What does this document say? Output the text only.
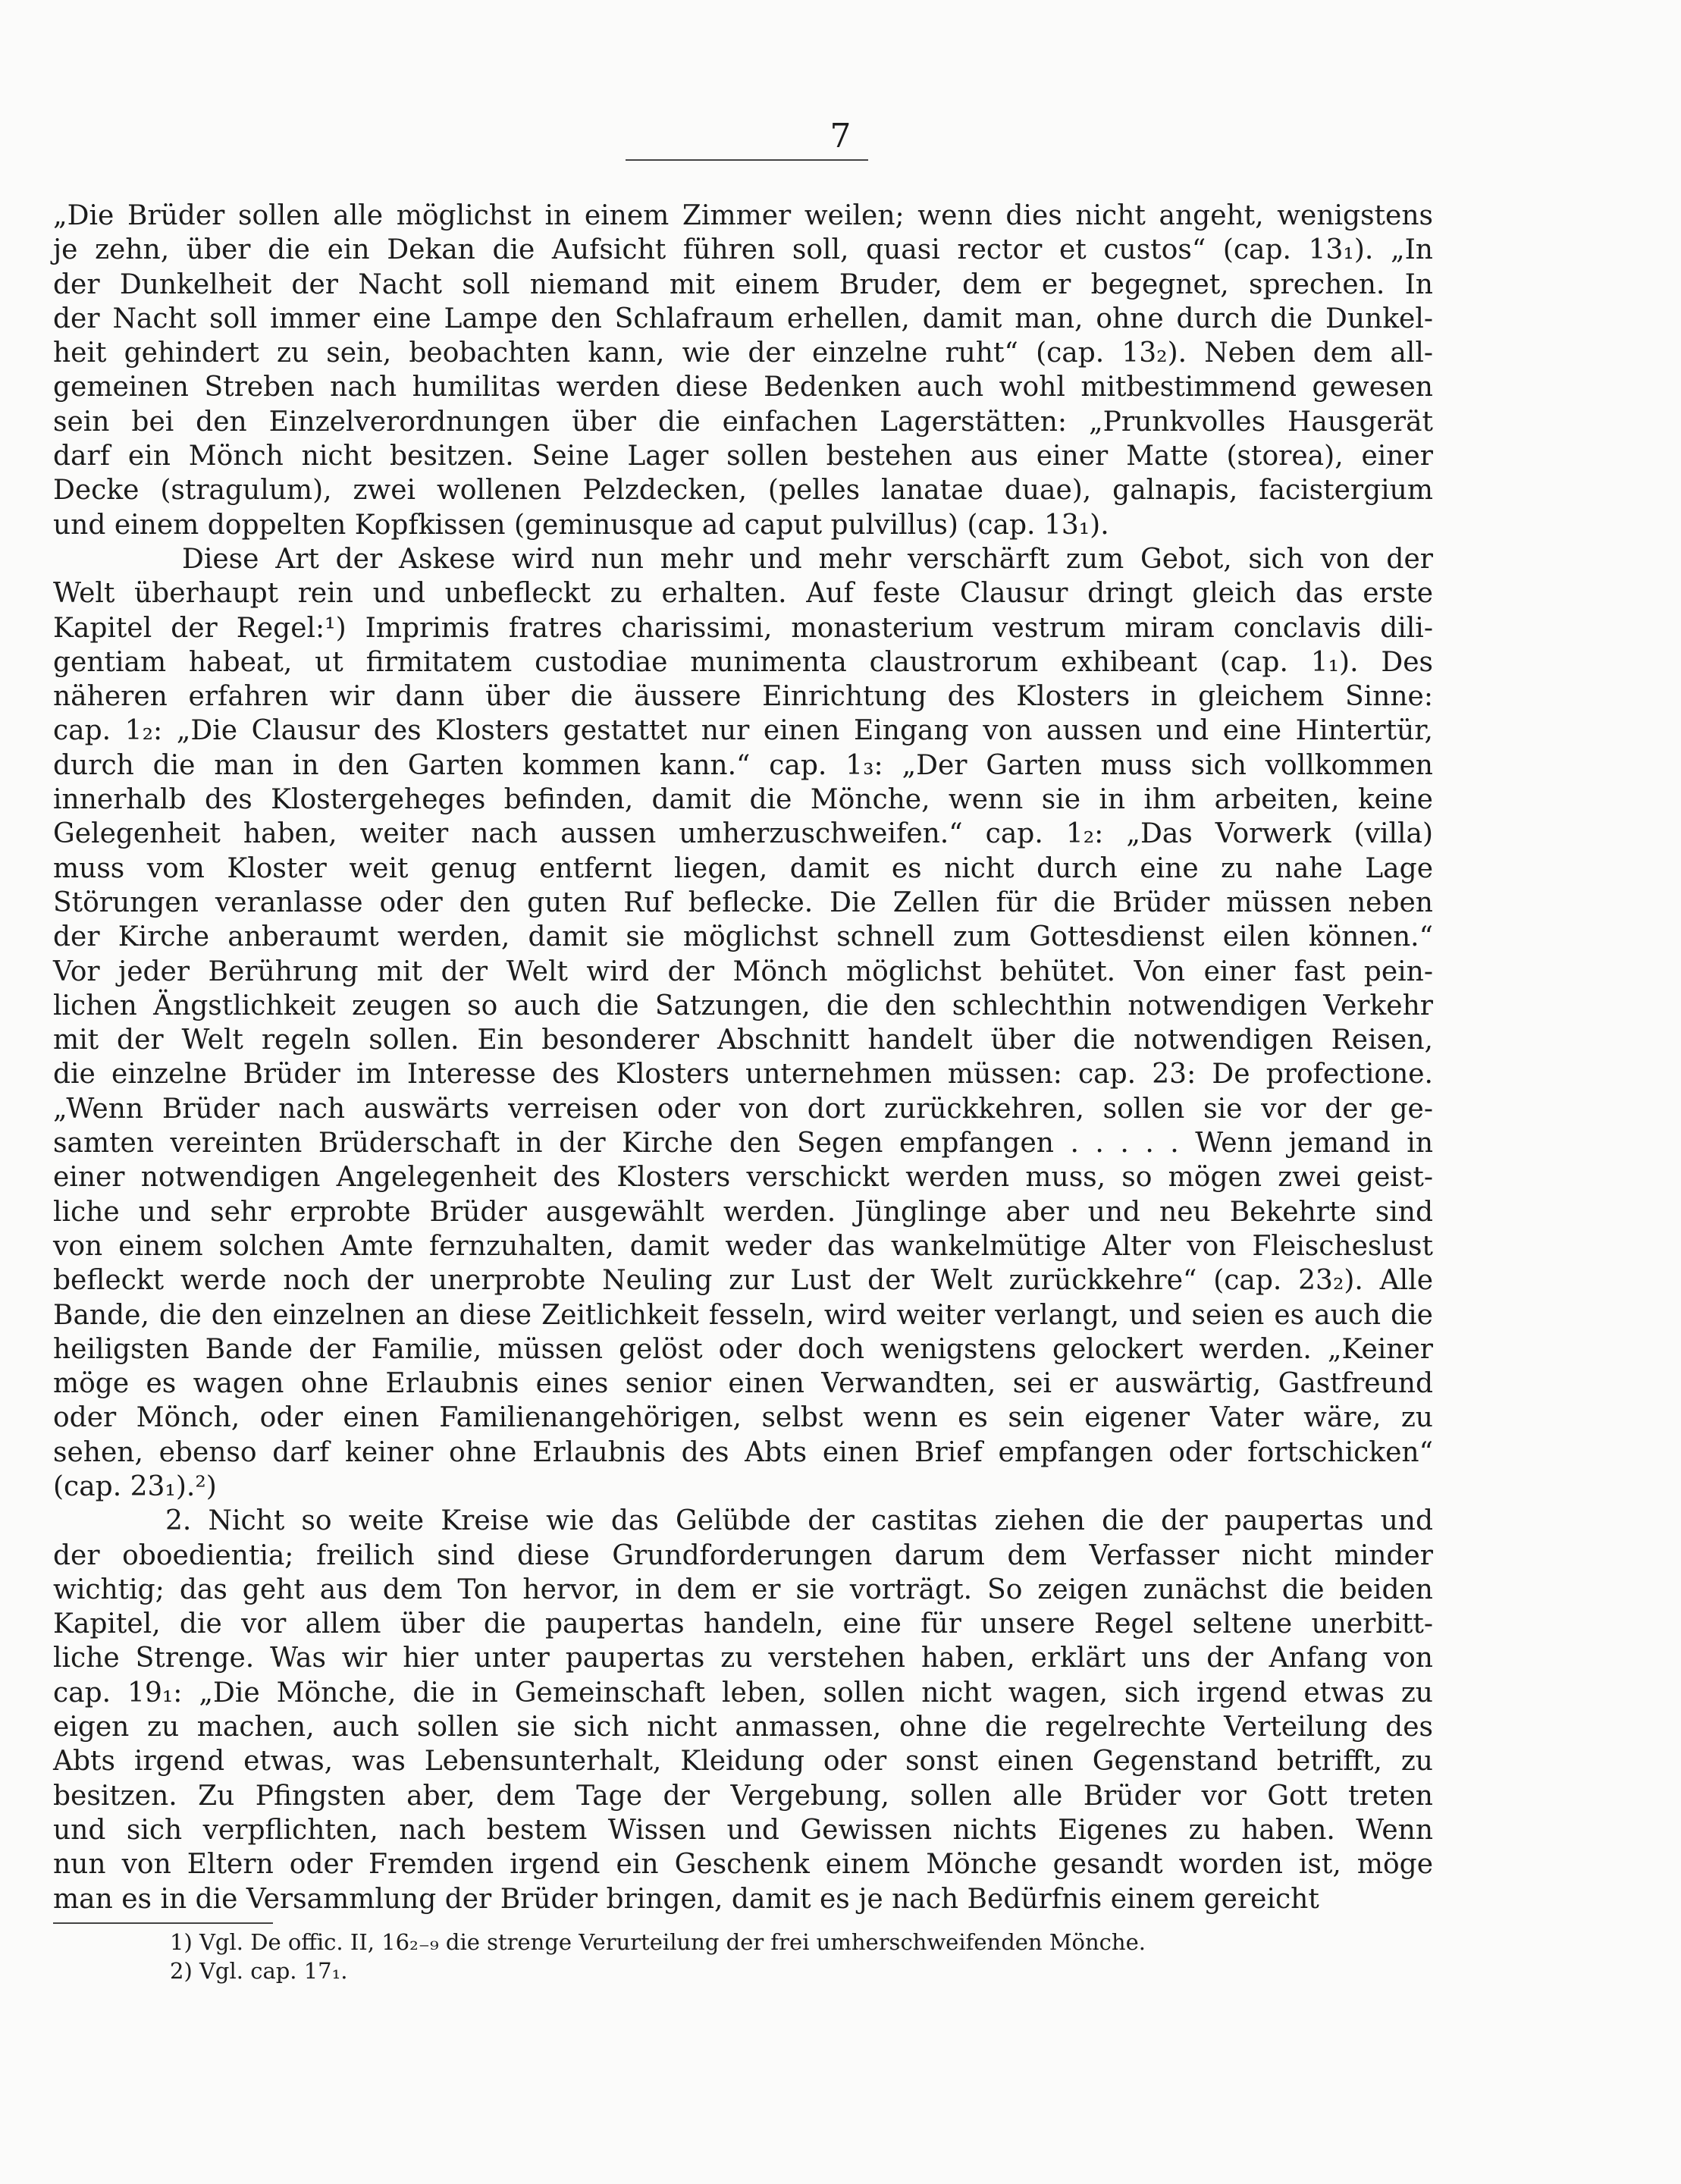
7
„Die Brüder sollen alle möglichst in einem Zimmer weilen; wenn dies nicht angeht, wenigstens
je zehn, über die ein Dekan die Aufsicht führen soll, quasi rector et custos“ (cap. 13₁). „In
der Dunkelheit der Nacht soll niemand mit einem Bruder, dem er begegnet, sprechen. In
der Nacht soll immer eine Lampe den Schlafraum erhellen, damit man, ohne durch die Dunkel-
heit gehindert zu sein, beobachten kann, wie der einzelne ruht“ (cap. 13₂). Neben dem all-
gemeinen Streben nach humilitas werden diese Bedenken auch wohl mitbestimmend gewesen
sein bei den Einzelverordnungen über die einfachen Lagerstätten: „Prunkvolles Hausgerät
darf ein Mönch nicht besitzen. Seine Lager sollen bestehen aus einer Matte (storea), einer
Decke (stragulum), zwei wollenen Pelzdecken, (pelles lanatae duae), galnapis, facistergium
und einem doppelten Kopfkissen (geminusque ad caput pulvillus) (cap. 13₁).
Diese Art der Askese wird nun mehr und mehr verschärft zum Gebot, sich von der
Welt überhaupt rein und unbefleckt zu erhalten. Auf feste Clausur dringt gleich das erste
Kapitel der Regel:¹) Imprimis fratres charissimi, monasterium vestrum miram conclavis dili-
gentiam habeat, ut firmitatem custodiae munimenta claustrorum exhibeant (cap. 1₁). Des
näheren erfahren wir dann über die äussere Einrichtung des Klosters in gleichem Sinne:
cap. 1₂: „Die Clausur des Klosters gestattet nur einen Eingang von aussen und eine Hintertür,
durch die man in den Garten kommen kann.“ cap. 1₃: „Der Garten muss sich vollkommen
innerhalb des Klostergeheges befinden, damit die Mönche, wenn sie in ihm arbeiten, keine
Gelegenheit haben, weiter nach aussen umherzuschweifen.“ cap. 1₂: „Das Vorwerk (villa)
muss vom Kloster weit genug entfernt liegen, damit es nicht durch eine zu nahe Lage
Störungen veranlasse oder den guten Ruf beflecke. Die Zellen für die Brüder müssen neben
der Kirche anberaumt werden, damit sie möglichst schnell zum Gottesdienst eilen können.“
Vor jeder Berührung mit der Welt wird der Mönch möglichst behütet. Von einer fast pein-
lichen Ängstlichkeit zeugen so auch die Satzungen, die den schlechthin notwendigen Verkehr
mit der Welt regeln sollen. Ein besonderer Abschnitt handelt über die notwendigen Reisen,
die einzelne Brüder im Interesse des Klosters unternehmen müssen: cap. 23: De profectione.
„Wenn Brüder nach auswärts verreisen oder von dort zurückkehren, sollen sie vor der ge-
samten vereinten Brüderschaft in der Kirche den Segen empfangen . . . . . Wenn jemand in
einer notwendigen Angelegenheit des Klosters verschickt werden muss, so mögen zwei geist-
liche und sehr erprobte Brüder ausgewählt werden. Jünglinge aber und neu Bekehrte sind
von einem solchen Amte fernzuhalten, damit weder das wankelmütige Alter von Fleischeslust
befleckt werde noch der unerprobte Neuling zur Lust der Welt zurückkehre“ (cap. 23₂). Alle
Bande, die den einzelnen an diese Zeitlichkeit fesseln, wird weiter verlangt, und seien es auch die
heiligsten Bande der Familie, müssen gelöst oder doch wenigstens gelockert werden. „Keiner
möge es wagen ohne Erlaubnis eines senior einen Verwandten, sei er auswärtig, Gastfreund
oder Mönch, oder einen Familienangehörigen, selbst wenn es sein eigener Vater wäre, zu
sehen, ebenso darf keiner ohne Erlaubnis des Abts einen Brief empfangen oder fortschicken“
(cap. 23₁).²)
2. Nicht so weite Kreise wie das Gelübde der castitas ziehen die der paupertas und
der oboedientia; freilich sind diese Grundforderungen darum dem Verfasser nicht minder
wichtig; das geht aus dem Ton hervor, in dem er sie vorträgt. So zeigen zunächst die beiden
Kapitel, die vor allem über die paupertas handeln, eine für unsere Regel seltene unerbitt-
liche Strenge. Was wir hier unter paupertas zu verstehen haben, erklärt uns der Anfang von
cap. 19₁: „Die Mönche, die in Gemeinschaft leben, sollen nicht wagen, sich irgend etwas zu
eigen zu machen, auch sollen sie sich nicht anmassen, ohne die regelrechte Verteilung des
Abts irgend etwas, was Lebensunterhalt, Kleidung oder sonst einen Gegenstand betrifft, zu
besitzen. Zu Pfingsten aber, dem Tage der Vergebung, sollen alle Brüder vor Gott treten
und sich verpflichten, nach bestem Wissen und Gewissen nichts Eigenes zu haben. Wenn
nun von Eltern oder Fremden irgend ein Geschenk einem Mönche gesandt worden ist, möge
man es in die Versammlung der Brüder bringen, damit es je nach Bedürfnis einem gereicht
1) Vgl. De offic. II, 16₂₋₉ die strenge Verurteilung der frei umherschweifenden Mönche.
2) Vgl. cap. 17₁.
